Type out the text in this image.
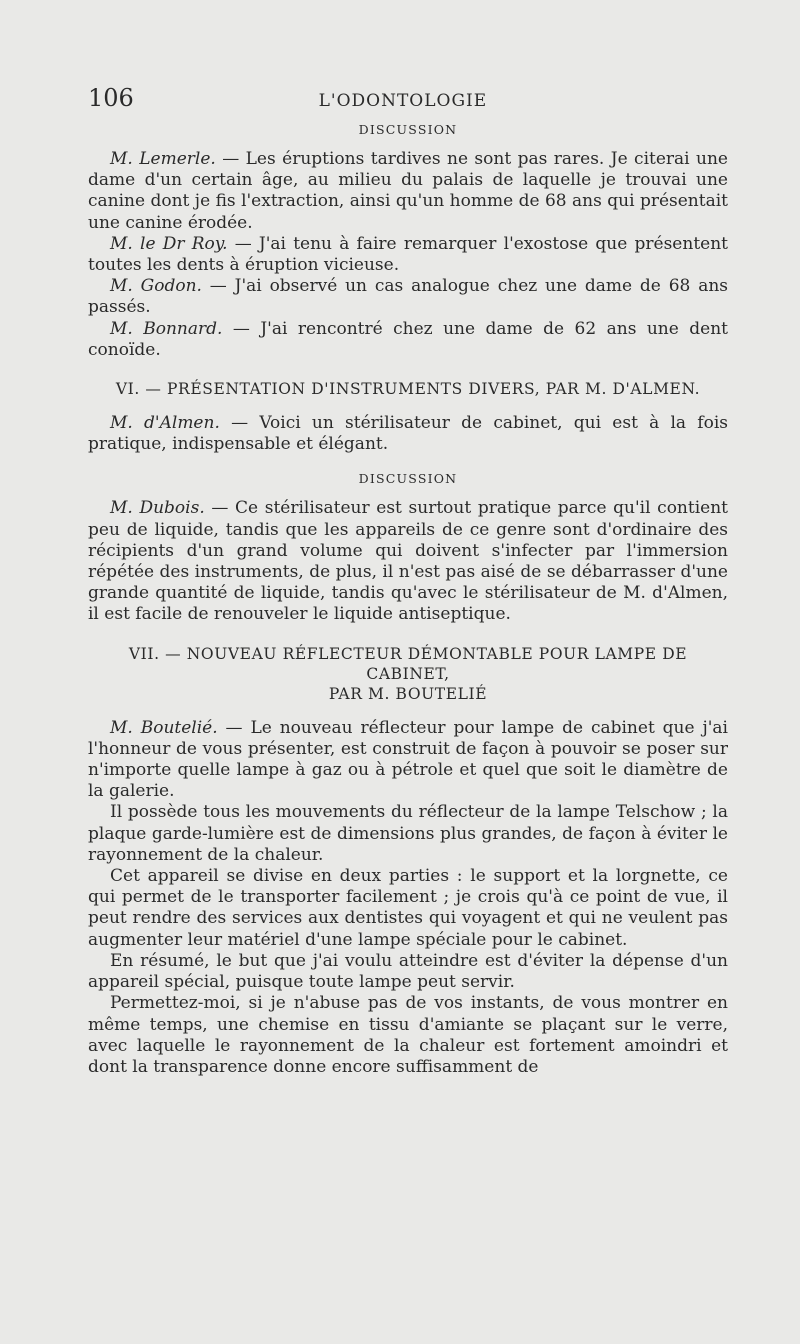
106	L'ODONTOLOGIE
DISCUSSION

M. Lemerle. — Les éruptions tardives ne sont pas rares. Je citerai une dame d'un certain âge, au milieu du palais de laquelle je trouvai une canine dont je fis l'extraction, ainsi qu'un homme de 68 ans qui présentait une canine érodée.

M. le Dr Roy. — J'ai tenu à faire remarquer l'exostose que présentent toutes les dents à éruption vicieuse.

M. Godon. — J'ai observé un cas analogue chez une dame de 68 ans passés.

M. Bonnard. — J'ai rencontré chez une dame de 62 ans une dent conoïde.

VI. — PRÉSENTATION D'INSTRUMENTS DIVERS, PAR M. D'ALMEN.

M. d'Almen. — Voici un stérilisateur de cabinet, qui est à la fois pratique, indispensable et élégant.

DISCUSSION

M. Dubois. — Ce stérilisateur est surtout pratique parce qu'il contient peu de liquide, tandis que les appareils de ce genre sont d'ordinaire des récipients d'un grand volume qui doivent s'infecter par l'immersion répétée des instruments, de plus, il n'est pas aisé de se débarrasser d'une grande quantité de liquide, tandis qu'avec le stérilisateur de M. d'Almen, il est facile de renouveler le liquide antiseptique.

VII. — NOUVEAU RÉFLECTEUR DÉMONTABLE POUR LAMPE DE CABINET,
PAR M. BOUTELIÉ

M. Boutelié. — Le nouveau réflecteur pour lampe de cabinet que j'ai l'honneur de vous présenter, est construit de façon à pouvoir se poser sur n'importe quelle lampe à gaz ou à pétrole et quel que soit le diamètre de la galerie.

Il possède tous les mouvements du réflecteur de la lampe Telschow ; la plaque garde-lumière est de dimensions plus grandes, de façon à éviter le rayonnement de la chaleur.

Cet appareil se divise en deux parties : le support et la lorgnette, ce qui permet de le transporter facilement ; je crois qu'à ce point de vue, il peut rendre des services aux dentistes qui voyagent et qui ne veulent pas augmenter leur matériel d'une lampe spéciale pour le cabinet.

En résumé, le but que j'ai voulu atteindre est d'éviter la dépense d'un appareil spécial, puisque toute lampe peut servir.

Permettez-moi, si je n'abuse pas de vos instants, de vous montrer en même temps, une chemise en tissu d'amiante se plaçant sur le verre, avec laquelle le rayonnement de la chaleur est fortement amoindri et dont la transparence donne encore suffisamment de
